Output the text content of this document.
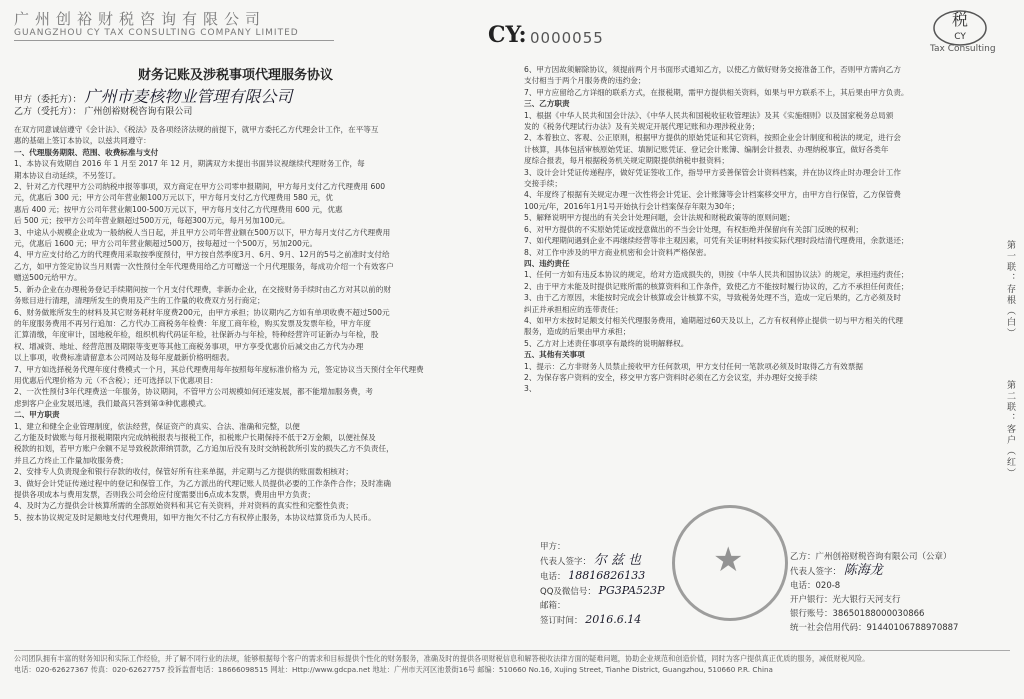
广州创裕财税咨询有限公司
GUANGZHOU CY TAX CONSULTING COMPANY LIMITED	CY: 0000055
税
CY
Tax Consulting
财务记账及涉税事项代理服务协议
甲方（委托方）： 广州市麦核物业管理有限公司
乙方（受托方）： 广州创裕财税咨询有限公司

在双方同意诚信遵守《会计法》、《税法》及各项经济法规的前提下，就甲方委托乙方代理会计工作，在平等互

惠的基础上签订本协议，以兹共同遵守：

一、代理服务期限、范围、收费标准与支付

1、本协议有效期自 2016 年 1 月至 2017 年 12 月，期满双方未提出书面异议视继续代理财务工作，每

期本协议自动延续，不另签订。

2、针对乙方代理甲方公司纳税申报等事项，双方商定在甲方公司零申报期间，甲方每月支付乙方代理费用 600

元，优惠后 300 元；甲方公司年营业额100万元以下，甲方每月支付乙方代理费用 580 元，优

惠后 400 元；按甲方公司年营业额100-500万元以下，甲方每月支付乙方代理费用 600 元，优惠

后 500 元；按甲方公司年营业额超过500万元，每超300万元，每月另加100元。

3、中途从小规模企业成为一般纳税人当日起，并且甲方公司年营业额在500万以下，甲方每月支付乙方代理费用

元，优惠后 1600 元；甲方公司年营业额超过500万，按每超过一个500万，另加200元。

4、甲方应支付给乙方的代理费用采取按季度预付，甲方按自然季度3月、6月、9月、12月的5号之前准时支付给

乙方，如甲方签定协议当月则需一次性预付全年代理费用给乙方可赠送一个月代理服务，每成功介绍一个有效客户

赠送500元给甲方。

5、新办企业在办理税务登记手续期间按一个月支付代理费，非新办企业，在交接财务手续时由乙方对其以前的财

务账目进行清理，清理所发生的费用及产生的工作量的收费双方另行商定；

6、财务做账所发生的材料及其它财务耗材年度费200元，由甲方承担；协议期内乙方如有单项收费不超过500元

的年度服务费用不再另行追加：乙方代办工商税务年检费：年度工商年检，购买发票及发票年检，甲方年度

汇算清缴，年度审计，国地税年检，组织机构代码证年检，社保新办与年检，特种经营许可证新办与年检，股

权、增减资、地址、经营范围及期限等变更等其他工商税务事项，甲方享受优惠价后减交由乙方代为办理

以上事项，收费标准请留意本公司网站及每年度最新价格明细表。

7、甲方如选择税务代理年度付费模式一个月，其总代理费用每年按照每年度标准价格为 元，签定协议当天预付全年代理费

用优惠后代理价格为 元（不含税）；还可选择以下优惠项目：

2、一次性预付3年代理费送一年服务，协议期间，不管甲方公司规模如何还速发展，都不能增加服务费，考

虑到客户企业发展迅速，我们最高只答到第③种优惠模式。

二、甲方职责

1、建立和健全企业管理制度，依法经营，保证资产的真实、合法、准确和完整，以便

乙方能及时做账与每月报税期限内完成纳税报表与报税工作，扣税账户长期保持不低于2万金额，以便社保及

税款的扣划，若甲方账户余额不足导致税款滞纳罚款，乙方追加后没有及时交纳税款所引发的损失乙方不负责任，

并且乙方终止工作量加收服务费；

2、安排专人负责现金和银行存款的收付，保管好所有往来单据，并定期与乙方提供的账面数相核对；

3、做好会计凭证传递过程中的登记和保管工作，为乙方派出的代理记账人员提供必要的工作条件合作；及时准确

提供各项成本与费用发票，否则我公司会给应付度需要出6点成本发票，费用由甲方负责；

4、及时为乙方提供会计核算所需的全部原始资料和其它有关资料，并对资料的真实性和完整性负责；

5、按本协议规定及时足额地支付代理费用，如甲方拖欠不付乙方有权停止服务，本协议结算货币为人民币。

6、甲方因故须解除协议，须提前两个月书面形式通知乙方，以使乙方做好财务交接准备工作，否则甲方需向乙方

支付相当于两个月服务费的违约金；

7、甲方应留给乙方详细的联系方式，在报税期，需甲方提供相关资料，如果与甲方联系不上，其后果由甲方负责。

三、乙方职责

1、根据《中华人民共和国会计法》、《中华人民共和国税收征收管理法》及其《实施细则》以及国家税务总局颁

发的《税务代理试行办法》及有关规定开展代理记账和办理涉税业务；

2、本着独立、客观、公正原则，根据甲方提供的原始凭证和其它资料，按照企业会计制度和税法的规定，进行会

计核算，具体包括审核原始凭证、填制记账凭证、登记会计账簿、编制会计报表、办理纳税事宜，做好各类年

度综合报表，每月根据税务机关规定期限提供纳税申报资料；

3、设计会计凭证传递程序，做好凭证签收工作，指导甲方妥善保管会计资料档案，并在协议终止时办理会计工作

交接手续；

4、年度终了根据有关规定办理一次性将会计凭证、会计账簿等会计档案移交甲方，由甲方自行保管，乙方保管费

100元/年，2016年1月1号开始执行会计档案保存年限为30年；

5、解释说明甲方提出的有关会计处理问题，会计法规和财税政策等的原则问题；

6、对甲方提供的不实原始凭证或授意做出的不当会计处理，有权拒绝并保留向有关部门反映的权利；

7、如代理期间遇到企业不再继续经营等非主观因素，可凭有关证明材料按实际代理时段结清代理费用，余款退还；

8、对工作中涉及的甲方商业机密和会计资料严格保密。

四、违约责任

1、任何一方如有违反本协议的规定，给对方造成损失的，则按《中华人民共和国协议法》的规定，承担违约责任；

2、由于甲方未能及时提供记账所需的核算资料和工作条件，致使乙方不能按时履行协议的，乙方不承担任何责任；

3、由于乙方原因，未能按时完成会计核算或会计核算不实，导致税务处理不当，造成一定后果的，乙方必须及时

纠正并承担相应的连带责任；

4、如甲方未按时足额支付相关代理服务费用，逾期超过60天及以上，乙方有权利停止提供一切与甲方相关的代理

服务，造成的后果由甲方承担；

5、乙方对上述责任事项享有最终的说明解释权。

五、其他有关事项

1、提示：乙方非财务人员禁止接收甲方任何款项，甲方支付任何一笔款项必须及时取得乙方有效票据

2、为保存客户资料的安全，移交甲方客户资料时必须在乙方会议室，并办理好交接手续

3、

第一联：存根（白）
第二联：客户（红）
★
甲方：
代表人签字： 尔 兹 也
电话： 18816826133
QQ及微信号： PG3PA523P
邮箱：
签订时间： 2016.6.14
乙方：广州创裕财税咨询有限公司（公章）
代表人签字： 陈海龙
电话：020-8
开户银行：光大银行天河支行
银行账号：38650188000030866
统一社会信用代码：91440106788970887

公司团队拥有丰富的财务知识和实际工作经验，并了解不同行业的法规，能够根据每个客户的需求和目标提供个性化的财务服务，准确及时的提供各项财税信息和解答税收法律方面的疑难问题，协助企业规范和创造价值，同时为客户提供真正优质的服务，减低财税风险。

电话：020-62627367 传真：020-62627757 投诉监督电话：18666098515 网址：Http://www.gdcpa.net 地址：广州市天河区池景街16号 邮编：510660 No.16, Xujing Street, Tianhe District, Guangzhou, 510660 P.R. China
